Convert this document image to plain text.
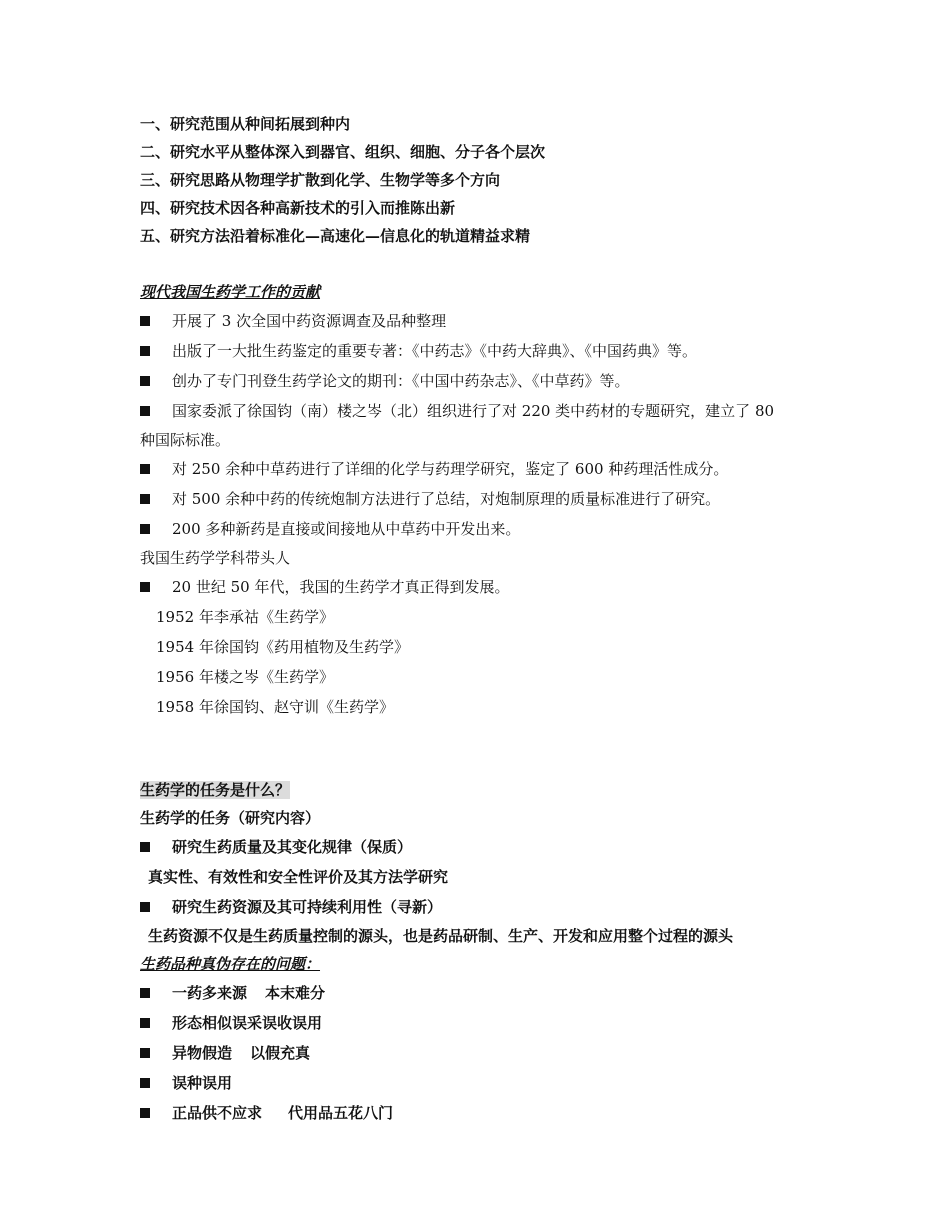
一、研究范围从种间拓展到种内
二、研究水平从整体深入到器官、组织、细胞、分子各个层次
三、研究思路从物理学扩散到化学、生物学等多个方向
四、研究技术因各种高新技术的引入而推陈出新
五、研究方法沿着标准化—高速化—信息化的轨道精益求精
现代我国生药学工作的贡献
开展了 3 次全国中药资源调查及品种整理
出版了一大批生药鉴定的重要专著：《中药志》《中药大辞典》、《中国药典》等。
创办了专门刊登生药学论文的期刊：《中国中药杂志》、《中草药》等。
国家委派了徐国钧（南）楼之岑（北）组织进行了对 220 类中药材的专题研究，建立了 80
种国际标准。
对 250 余种中草药进行了详细的化学与药理学研究，鉴定了 600 种药理活性成分。
对 500 余种中药的传统炮制方法进行了总结，对炮制原理的质量标准进行了研究。
200 多种新药是直接或间接地从中草药中开发出来。
我国生药学学科带头人
20 世纪 50 年代，我国的生药学才真正得到发展。
1952 年李承祜《生药学》
1954 年徐国钧《药用植物及生药学》
1956 年楼之岑《生药学》
1958 年徐国钧、赵守训《生药学》
生药学的任务是什么？
生药学的任务（研究内容）
研究生药质量及其变化规律（保质）
真实性、有效性和安全性评价及其方法学研究
研究生药资源及其可持续利用性（寻新）
生药资源不仅是生药质量控制的源头，也是药品研制、生产、开发和应用整个过程的源头
生药品种真伪存在的问题：
一药多来源 本末难分
形态相似误采误收误用
异物假造 以假充真
误种误用
正品供不应求 代用品五花八门
